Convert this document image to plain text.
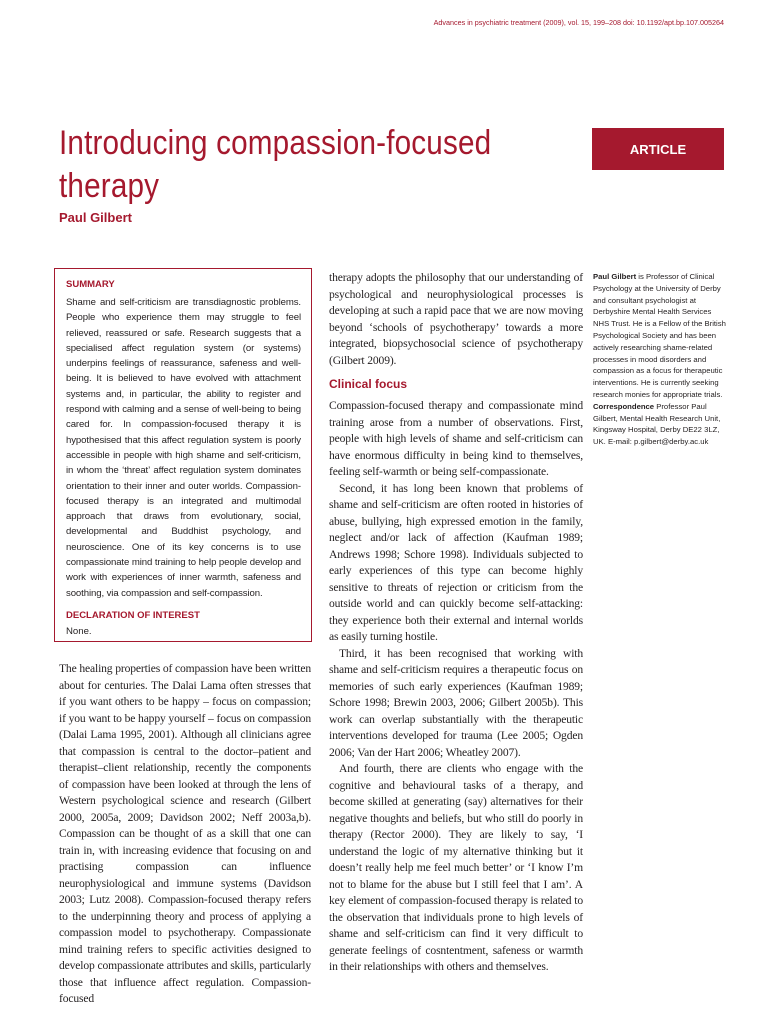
Advances in psychiatric treatment (2009), vol. 15, 199–208 doi: 10.1192/apt.bp.107.005264
Introducing compassion-focused therapy
Paul Gilbert
ARTICLE
SUMMARY

Shame and self-criticism are transdiagnostic problems. People who experience them may struggle to feel relieved, reassured or safe. Research suggests that a specialised affect regulation system (or systems) underpins feelings of reassurance, safeness and well-being. It is believed to have evolved with attachment systems and, in particular, the ability to register and respond with calming and a sense of well-being to being cared for. In compassion-focused therapy it is hypothesised that this affect regulation system is poorly accessible in people with high shame and self-criticism, in whom the ‘threat’ affect regulation system dominates orientation to their inner and outer worlds. Compassion-focused therapy is an integrated and multimodal approach that draws from evolutionary, social, developmental and Buddhist psychology, and neuroscience. One of its key concerns is to use compassionate mind training to help people develop and work with experiences of inner warmth, safeness and soothing, via compassion and self-compassion.

DECLARATION OF INTEREST

None.

The healing properties of compassion have been written about for centuries. The Dalai Lama often stresses that if you want others to be happy – focus on compassion; if you want to be happy yourself – focus on compassion (Dalai Lama 1995, 2001). Although all clinicians agree that compassion is central to the doctor–patient and therapist–client relationship, recently the components of compassion have been looked at through the lens of Western psychological science and research (Gilbert 2000, 2005a, 2009; Davidson 2002; Neff 2003a,b). Compassion can be thought of as a skill that one can train in, with increasing evidence that focusing on and practising compassion can influence neurophysiological and immune systems (Davidson 2003; Lutz 2008). Compassion-focused therapy refers to the underpinning theory and process of applying a compassion model to psychotherapy. Compassionate mind training refers to specific activities designed to develop compassionate attributes and skills, particularly those that influence affect regulation. Compassion-focused

therapy adopts the philosophy that our understanding of psychological and neurophysiological processes is developing at such a rapid pace that we are now moving beyond ‘schools of psychotherapy’ towards a more integrated, biopsychosocial science of psychotherapy (Gilbert 2009).

Clinical focus

Compassion-focused therapy and compassionate mind training arose from a number of observations. First, people with high levels of shame and self-criticism can have enormous difficulty in being kind to themselves, feeling self-warmth or being self-compassionate.

Second, it has long been known that problems of shame and self-criticism are often rooted in histories of abuse, bullying, high expressed emotion in the family, neglect and/or lack of affection (Kaufman 1989; Andrews 1998; Schore 1998). Individuals subjected to early experiences of this type can become highly sensitive to threats of rejection or criticism from the outside world and can quickly become self-attacking: they experience both their external and internal worlds as easily turning hostile.

Third, it has been recognised that working with shame and self-criticism requires a therapeutic focus on memories of such early experiences (Kaufman 1989; Schore 1998; Brewin 2003, 2006; Gilbert 2005b). This work can overlap substantially with the therapeutic interventions developed for trauma (Lee 2005; Ogden 2006; Van der Hart 2006; Wheatley 2007).

And fourth, there are clients who engage with the cognitive and behavioural tasks of a therapy, and become skilled at generating (say) alternatives for their negative thoughts and beliefs, but who still do poorly in therapy (Rector 2000). They are likely to say, ‘I understand the logic of my alternative thinking but it doesn’t really help me feel much better’ or ‘I know I’m not to blame for the abuse but I still feel that I am’. A key element of compassion-focused therapy is related to the observation that individuals prone to high levels of shame and self-criticism can find it very difficult to generate feelings of cosntentment, safeness or warmth in their relationships with others and themselves.

Paul Gilbert is Professor of Clinical Psychology at the University of Derby and consultant psychologist at Derbyshire Mental Health Services NHS Trust. He is a Fellow of the British Psychological Society and has been actively researching shame-related processes in mood disorders and compassion as a focus for therapeutic interventions. He is currently seeking research monies for appropriate trials.

Correspondence Professor Paul Gilbert, Mental Health Research Unit, Kingsway Hospital, Derby DE22 3LZ, UK. E-mail: p.gilbert@derby.ac.uk
